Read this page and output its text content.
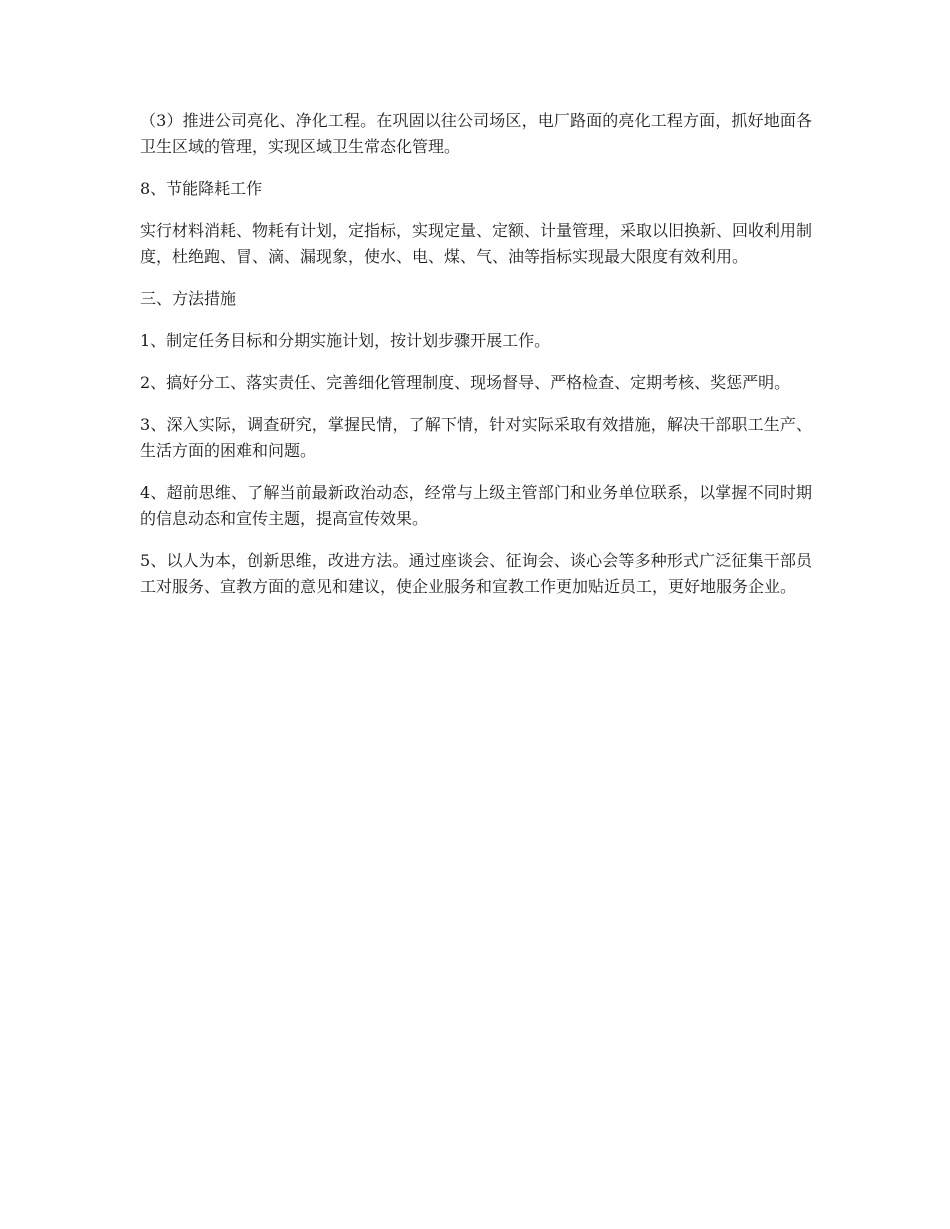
（3）推进公司亮化、净化工程。在巩固以往公司场区，电厂路面的亮化工程方面，抓好地面各卫生区域的管理，实现区域卫生常态化管理。

8、节能降耗工作

实行材料消耗、物耗有计划，定指标，实现定量、定额、计量管理，采取以旧换新、回收利用制度，杜绝跑、冒、滴、漏现象，使水、电、煤、气、油等指标实现最大限度有效利用。

三、方法措施

1、制定任务目标和分期实施计划，按计划步骤开展工作。

2、搞好分工、落实责任、完善细化管理制度、现场督导、严格检查、定期考核、奖惩严明。

3、深入实际，调查研究，掌握民情，了解下情，针对实际采取有效措施，解决干部职工生产、生活方面的困难和问题。

4、超前思维、了解当前最新政治动态，经常与上级主管部门和业务单位联系，以掌握不同时期的信息动态和宣传主题，提高宣传效果。

5、以人为本，创新思维，改进方法。通过座谈会、征询会、谈心会等多种形式广泛征集干部员工对服务、宣教方面的意见和建议，使企业服务和宣教工作更加贴近员工，更好地服务企业。
